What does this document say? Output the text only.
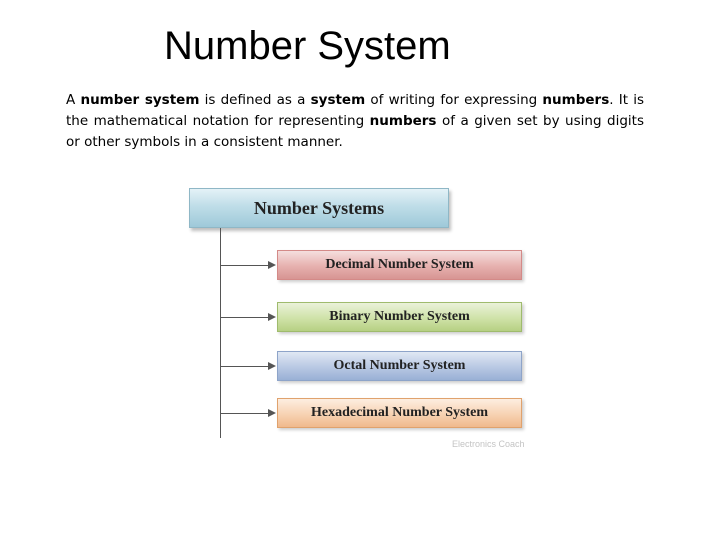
Number System

A number system is defined as a system of writing for expressing numbers. It is the mathematical notation for representing numbers of a given set by using digits or other symbols in a consistent manner.

Number Systems
Decimal Number System
Binary Number System
Octal Number System
Hexadecimal Number System
Electronics Coach
